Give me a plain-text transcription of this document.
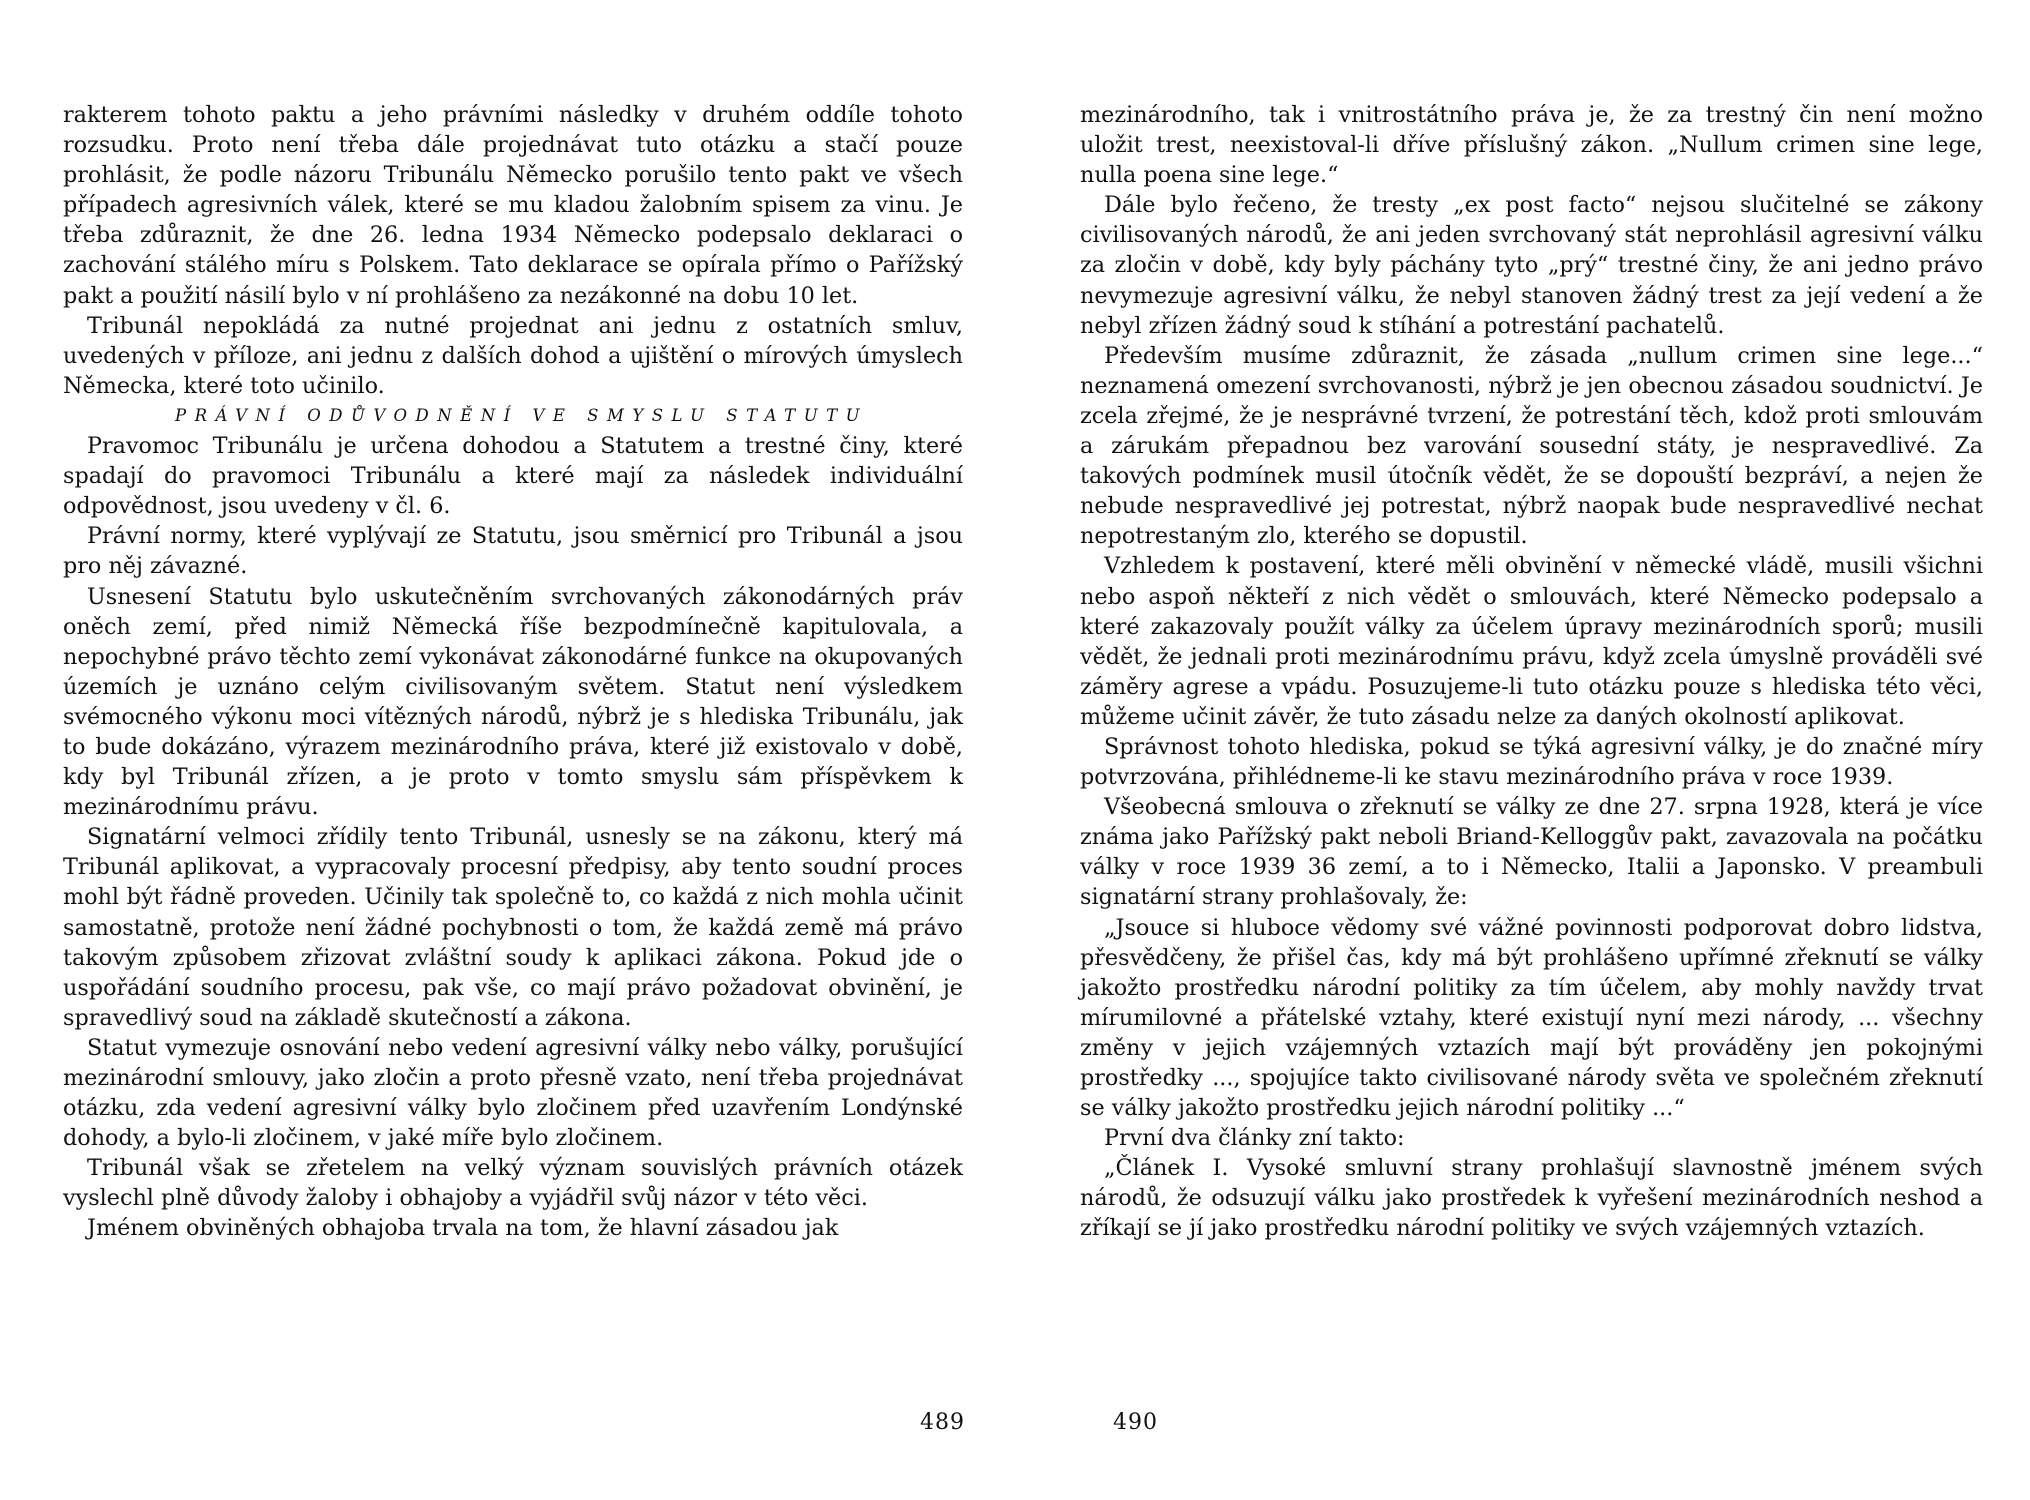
rakterem tohoto paktu a jeho právními následky v druhém oddíle tohoto rozsudku. Proto není třeba dále projednávat tuto otázku a stačí pouze prohlásit, že podle názoru Tribunálu Německo porušilo tento pakt ve všech případech agresivních válek, které se mu kladou žalobním spisem za vinu. Je třeba zdůraznit, že dne 26. ledna 1934 Německo podepsalo deklaraci o zachování stálého míru s Polskem. Tato deklarace se opírala přímo o Pařížský pakt a použití násilí bylo v ní prohlášeno za nezákonné na dobu 10 let.

Tribunál nepokládá za nutné projednat ani jednu z ostatních smluv, uvedených v příloze, ani jednu z dalších dohod a ujištění o mírových úmyslech Německa, které toto učinilo.

PRÁVNÍ ODŮVODNĚNÍ VE SMYSLU STATUTU

Pravomoc Tribunálu je určena dohodou a Statutem a trestné činy, které spadají do pravomoci Tribunálu a které mají za následek individuální odpovědnost, jsou uvedeny v čl. 6.

Právní normy, které vyplývají ze Statutu, jsou směrnicí pro Tribunál a jsou pro něj závazné.

Usnesení Statutu bylo uskutečněním svrchovaných zákonodárných práv oněch zemí, před nimiž Německá říše bezpodmínečně kapitulovala, a nepochybné právo těchto zemí vykonávat zákonodárné funkce na okupovaných územích je uznáno celým civilisovaným světem. Statut není výsledkem svémocného výkonu moci vítězných národů, nýbrž je s hlediska Tribunálu, jak to bude dokázáno, výrazem mezinárodního práva, které již existovalo v době, kdy byl Tribunál zřízen, a je proto v tomto smyslu sám příspěvkem k mezinárodnímu právu.

Signatární velmoci zřídily tento Tribunál, usnesly se na zákonu, který má Tribunál aplikovat, a vypracovaly procesní předpisy, aby tento soudní proces mohl být řádně proveden. Učinily tak společně to, co každá z nich mohla učinit samostatně, protože není žádné pochybnosti o tom, že každá země má právo takovým způsobem zřizovat zvláštní soudy k aplikaci zákona. Pokud jde o uspořádání soudního procesu, pak vše, co mají právo požadovat obvinění, je spravedlivý soud na základě skutečností a zákona.

Statut vymezuje osnování nebo vedení agresivní války nebo války, porušující mezinárodní smlouvy, jako zločin a proto přesně vzato, není třeba projednávat otázku, zda vedení agresivní války bylo zločinem před uzavřením Londýnské dohody, a bylo-li zločinem, v jaké míře bylo zločinem.

Tribunál však se zřetelem na velký význam souvislých právních otázek vyslechl plně důvody žaloby i obhajoby a vyjádřil svůj názor v této věci.

Jménem obviněných obhajoba trvala na tom, že hlavní zásadou jak

489

mezinárodního, tak i vnitrostátního práva je, že za trestný čin není možno uložit trest, neexistoval-li dříve příslušný zákon. „Nullum crimen sine lege, nulla poena sine lege.“

Dále bylo řečeno, že tresty „ex post facto“ nejsou slučitelné se zákony civilisovaných národů, že ani jeden svrchovaný stát neprohlásil agresivní válku za zločin v době, kdy byly páchány tyto „prý“ trestné činy, že ani jedno právo nevymezuje agresivní válku, že nebyl stanoven žádný trest za její vedení a že nebyl zřízen žádný soud k stíhání a potrestání pachatelů.

Především musíme zdůraznit, že zásada „nullum crimen sine lege...“ neznamená omezení svrchovanosti, nýbrž je jen obecnou zásadou soudnictví. Je zcela zřejmé, že je nesprávné tvrzení, že potrestání těch, kdož proti smlouvám a zárukám přepadnou bez varování sousední státy, je nespravedlivé. Za takových podmínek musil útočník vědět, že se dopouští bezpráví, a nejen že nebude nespravedlivé jej potrestat, nýbrž naopak bude nespravedlivé nechat nepotrestaným zlo, kterého se dopustil.

Vzhledem k postavení, které měli obvinění v německé vládě, musili všichni nebo aspoň někteří z nich vědět o smlouvách, které Německo podepsalo a které zakazovaly použít války za účelem úpravy mezinárodních sporů; musili vědět, že jednali proti mezinárodnímu právu, když zcela úmyslně prováděli své záměry agrese a vpádu. Posuzujeme-li tuto otázku pouze s hlediska této věci, můžeme učinit závěr, že tuto zásadu nelze za daných okolností aplikovat.

Správnost tohoto hlediska, pokud se týká agresivní války, je do značné míry potvrzována, přihlédneme-li ke stavu mezinárodního práva v roce 1939.

Všeobecná smlouva o zřeknutí se války ze dne 27. srpna 1928, která je více známa jako Pařížský pakt neboli Briand-Kelloggův pakt, zavazovala na počátku války v roce 1939 36 zemí, a to i Německo, Italii a Japonsko. V preambuli signatární strany prohlašovaly, že:

„Jsouce si hluboce vědomy své vážné povinnosti podporovat dobro lidstva, přesvědčeny, že přišel čas, kdy má být prohlášeno upřímné zřeknutí se války jakožto prostředku národní politiky za tím účelem, aby mohly navždy trvat mírumilovné a přátelské vztahy, které existují nyní mezi národy, ... všechny změny v jejich vzájemných vztazích mají být prováděny jen pokojnými prostředky ..., spojujíce takto civilisované národy světa ve společném zřeknutí se války jakožto prostředku jejich národní politiky ...“

První dva články zní takto:

„Článek I. Vysoké smluvní strany prohlašují slavnostně jménem svých národů, že odsuzují válku jako prostředek k vyřešení mezinárodních neshod a zříkají se jí jako prostředku národní politiky ve svých vzájemných vztazích.

490
